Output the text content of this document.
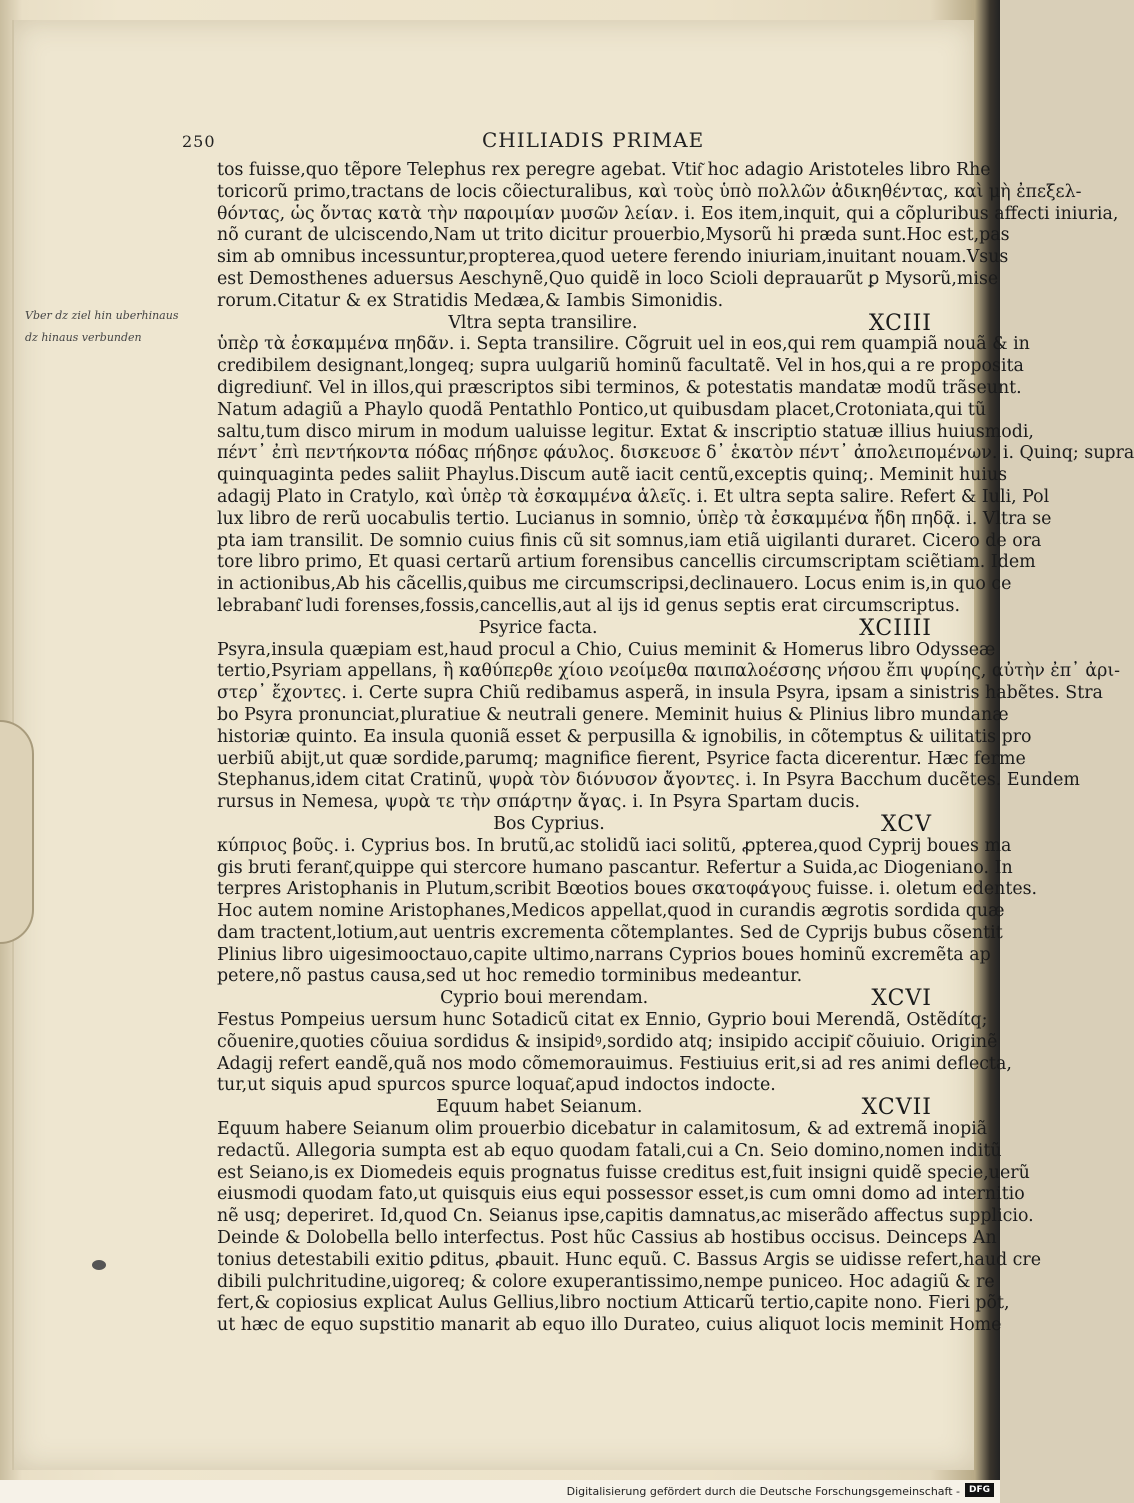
250	CHILIADIS PRIMAE
Vber dz ziel hin uberhinaus
dz hinaus verbunden
tos fuisse,quo tẽpore Telephus rex peregre agebat. Vtit͂ hoc adagio Aristoteles libro Rhe
toricorũ primo,tractans de locis cõiecturalibus, καὶ τοὺς ὑπὸ πολλῶν ἀδικηθέντας, καὶ μὴ ἐπεξελ-
θόντας, ὡς ὄντας κατὰ τὴν παροιμίαν μυσῶν λείαν. i. Eos item,inquit, qui a cõpluribus affecti iniuria,
nõ curant de ulciscendo,Nam ut trito dicitur prouerbio,Mysorũ hi præda sunt.Hoc est,pas
sim ab omnibus incessuntur,propterea,quod uetere ferendo iniuriam,inuitant nouam.Vsus
est Demosthenes aduersus Aeschynẽ,Quo quidẽ in loco Scioli deprauarũt ꝑ Mysorũ,mise
rorum.Citatur & ex Stratidis Medæa,& Iambis Simonidis.
XCIII
Vltra septa transilire.
ὑπὲρ τὰ ἐσκαμμένα πηδᾶν. i. Septa transilire. Cõgruit uel in eos,qui rem quampiã nouã & in
credibilem designant,longeq; supra uulgariũ hominũ facultatẽ. Vel in hos,qui a re proposita
digrediunt͂. Vel in illos,qui præscriptos sibi terminos, & potestatis mandatæ modũ trãseunt.
Natum adagiũ a Phaylo quodã Pentathlo Pontico,ut quibusdam placet,Crotoniata,qui tũ
saltu,tum disco mirum in modum ualuisse legitur. Extat & inscriptio statuæ illius huiusmodi,
πέντ᾽ ἐπὶ πεντήκοντα πόδας πήδησε φάυλος. δισκευσε δ᾽ ἑκατὸν πέντ᾽ ἀπολειπομένων. i. Quinq; supra
quinquaginta pedes saliit Phaylus.Discum autẽ iacit centũ,exceptis quinq;. Meminit huius
adagij Plato in Cratylo, καὶ ὑπὲρ τὰ ἐσκαμμένα ἁλεῖς. i. Et ultra septa salire. Refert & Iuli, Pol
lux libro de rerũ uocabulis tertio. Lucianus in somnio, ὑπὲρ τὰ ἐσκαμμένα ἤδη πηδᾷ. i. Vltra se
pta iam transilit. De somnio cuius finis cũ sit somnus,iam etiã uigilanti duraret. Cicero de ora
tore libro primo, Et quasi certarũ artium forensibus cancellis circumscriptam sciẽtiam. Idem
in actionibus,Ab his cãcellis,quibus me circumscripsi,declinauero. Locus enim is,in quo ce
lebrabant͂ ludi forenses,fossis,cancellis,aut al ijs id genus septis erat circumscriptus.
XCIIII
Psyrice facta.
Psyra,insula quæpiam est,haud procul a Chio, Cuius meminit & Homerus libro Odysseæ
tertio,Psyriam appellans, ἢ καθύπερθε χίοιο νεοίμεθα παιπαλοέσσης νήσου ἔπι ψυρίης, αὐτὴν ἐπ᾽ ἀρι-
στερ᾽ ἔχοντες. i. Certe supra Chiũ redibamus asperã, in insula Psyra, ipsam a sinistris habẽtes. Stra
bo Psyra pronunciat,pluratiue & neutrali genere. Meminit huius & Plinius libro mundanæ
historiæ quinto. Ea insula quoniã esset & perpusilla & ignobilis, in cõtemptus & uilitatis pro
uerbiũ abijt,ut quæ sordide,parumq; magnifice fierent, Psyrice facta dicerentur. Hæc ferme
Stephanus,idem citat Cratinũ, ψυρὰ τὸν διόνυσον ἄγοντες. i. In Psyra Bacchum ducẽtes. Eundem
rursus in Nemesa, ψυρὰ τε τὴν σπάρτην ἄγας. i. In Psyra Spartam ducis.
XCV
Bos Cyprius.
κύπριος βοῦς. i. Cyprius bos. In brutũ,ac stolidũ iaci solitũ, ꝓpterea,quod Cyprij boues ma
gis bruti ferant͂,quippe qui stercore humano pascantur. Refertur a Suida,ac Diogeniano. In
terpres Aristophanis in Plutum,scribit Bœotios boues σκατοφάγους fuisse. i. oletum edentes.
Hoc autem nomine Aristophanes,Medicos appellat,quod in curandis ægrotis sordida quæ
dam tractent,lotium,aut uentris excrementa cõtemplantes. Sed de Cyprijs bubus cõsentit
Plinius libro uigesimooctauo,capite ultimo,narrans Cyprios boues hominũ excremẽta ap
petere,nõ pastus causa,sed ut hoc remedio torminibus medeantur.
XCVI
Cyprio boui merendam.
Festus Pompeius uersum hunc Sotadicũ citat ex Ennio, Gyprio boui Merendã, Ostẽdítq;
cõuenire,quoties cõuiua sordidus & insipidꝰ,sordido atq; insipido accipit͂ cõuiuio. Originẽ
Adagij refert eandẽ,quã nos modo cõmemorauimus. Festiuius erit,si ad res animi deflecta,
tur,ut siquis apud spurcos spurce loquat͂,apud indoctos indocte.
XCVII
Equum habet Seianum.
Equum habere Seianum olim prouerbio dicebatur in calamitosum, & ad extremã inopiã
redactũ. Allegoria sumpta est ab equo quodam fatali,cui a Cn. Seio domino,nomen inditũ
est Seiano,is ex Diomedeis equis prognatus fuisse creditus est,fuit insigni quidẽ specie,uerũ
eiusmodi quodam fato,ut quisquis eius equi possessor esset,is cum omni domo ad internitio
nẽ usq; deperiret. Id,quod Cn. Seianus ipse,capitis damnatus,ac miserãdo affectus supplicio.
Deinde & Dolobella bello interfectus. Post hũc Cassius ab hostibus occisus. Deinceps An
tonius detestabili exitio ꝑditus, ꝓbauit. Hunc equũ. C. Bassus Argis se uidisse refert,haud cre
dibili pulchritudine,uigoreq; & colore exuperantissimo,nempe puniceo. Hoc adagiũ & re
fert,& copiosius explicat Aulus Gellius,libro noctium Atticarũ tertio,capite nono. Fieri põt,
ut hæc de equo supstitio manarit ab equo illo Durateo, cuius aliquot locis meminit Home
Digitalisierung gefördert durch die Deutsche Forschungsgemeinschaft - DFG
